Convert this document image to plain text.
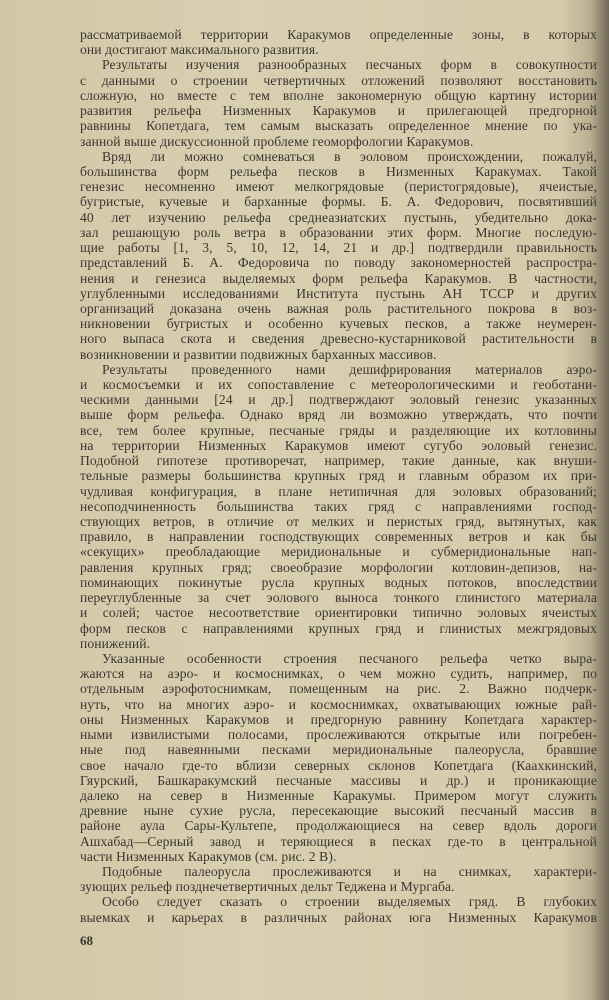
рассматриваемой территории Каракумов определенные зоны, в которых
они достигают максимального развития.
Результаты изучения разнообразных песчаных форм в совокупности
с данными о строении четвертичных отложений позволяют восстановить
сложную, но вместе с тем вполне закономерную общую картину истории
развития рельефа Низменных Каракумов и прилегающей предгорной
равнины Копетдага, тем самым высказать определенное мнение по ука-
занной выше дискуссионной проблеме геоморфологии Каракумов.
Вряд ли можно сомневаться в эоловом происхождении, пожалуй,
большинства форм рельефа песков в Низменных Каракумах. Такой
генезис несомненно имеют мелкогрядовые (перистогрядовые), ячеистые,
бугристые, кучевые и барханные формы. Б. А. Федорович, посвятивший
40 лет изучению рельефа среднеазиатских пустынь, убедительно дока-
зал решающую роль ветра в образовании этих форм. Многие последую-
щие работы [1, 3, 5, 10, 12, 14, 21 и др.] подтвердили правильность
представлений Б. А. Федоровича по поводу закономерностей распростра-
нения и генезиса выделяемых форм рельефа Каракумов. В частности,
углубленными исследованиями Института пустынь АН ТССР и других
организаций доказана очень важная роль растительного покрова в воз-
никновении бугристых и особенно кучевых песков, а также неумерен-
ного выпаса скота и сведения древесно-кустарниковой растительности в
возникновении и развитии подвижных барханных массивов.
Результаты проведенного нами дешифрирования материалов аэро-
и космосъемки и их сопоставление с метеорологическими и геоботани-
ческими данными [24 и др.] подтверждают эоловый генезис указанных
выше форм рельефа. Однако вряд ли возможно утверждать, что почти
все, тем более крупные, песчаные гряды и разделяющие их котловины
на территории Низменных Каракумов имеют сугубо эоловый генезис.
Подобной гипотезе противоречат, например, такие данные, как внуши-
тельные размеры большинства крупных гряд и главным образом их при-
чудливая конфигурация, в плане нетипичная для эоловых образований;
несоподчиненность большинства таких гряд с направлениями господ-
ствующих ветров, в отличие от мелких и перистых гряд, вытянутых, как
правило, в направлении господствующих современных ветров и как бы
«секущих» преобладающие меридиональные и субмеридиональные нап-
равления крупных гряд; своеобразие морфологии котловин-депизов, на-
поминающих покинутые русла крупных водных потоков, впоследствии
переуглубленные за счет эолового выноса тонкого глинистого материала
и солей; частое несоответствие ориентировки типично эоловых ячеистых
форм песков с направлениями крупных гряд и глинистых межгрядовых
понижений.
Указанные особенности строения песчаного рельефа четко выра-
жаются на аэро- и космоснимках, о чем можно судить, например, по
отдельным аэрофотоснимкам, помещенным на рис. 2. Важно подчерк-
нуть, что на многих аэро- и космоснимках, охватывающих южные рай-
оны Низменных Каракумов и предгорную равнину Копетдага характер-
ными извилистыми полосами, прослеживаются открытые или погребен-
ные под навеянными песками меридиональные палеорусла, бравшие
свое начало где-то вблизи северных склонов Копетдага (Каахкинский,
Гяурский, Башкаракумский песчаные массивы и др.) и проникающие
далеко на север в Низменные Каракумы. Примером могут служить
древние ныне сухие русла, пересекающие высокий песчаный массив в
районе аула Сары-Культепе, продолжающиеся на север вдоль дороги
Ашхабад—Серный завод и теряющиеся в песках где-то в центральной
части Низменных Каракумов (см. рис. 2 В).
Подобные палеорусла прослеживаются и на снимках, характери-
зующих рельеф позднечетвертичных дельт Теджена и Мургаба.
Особо следует сказать о строении выделяемых гряд. В глубоких
выемках и карьерах в различных районах юга Низменных Каракумов
68
